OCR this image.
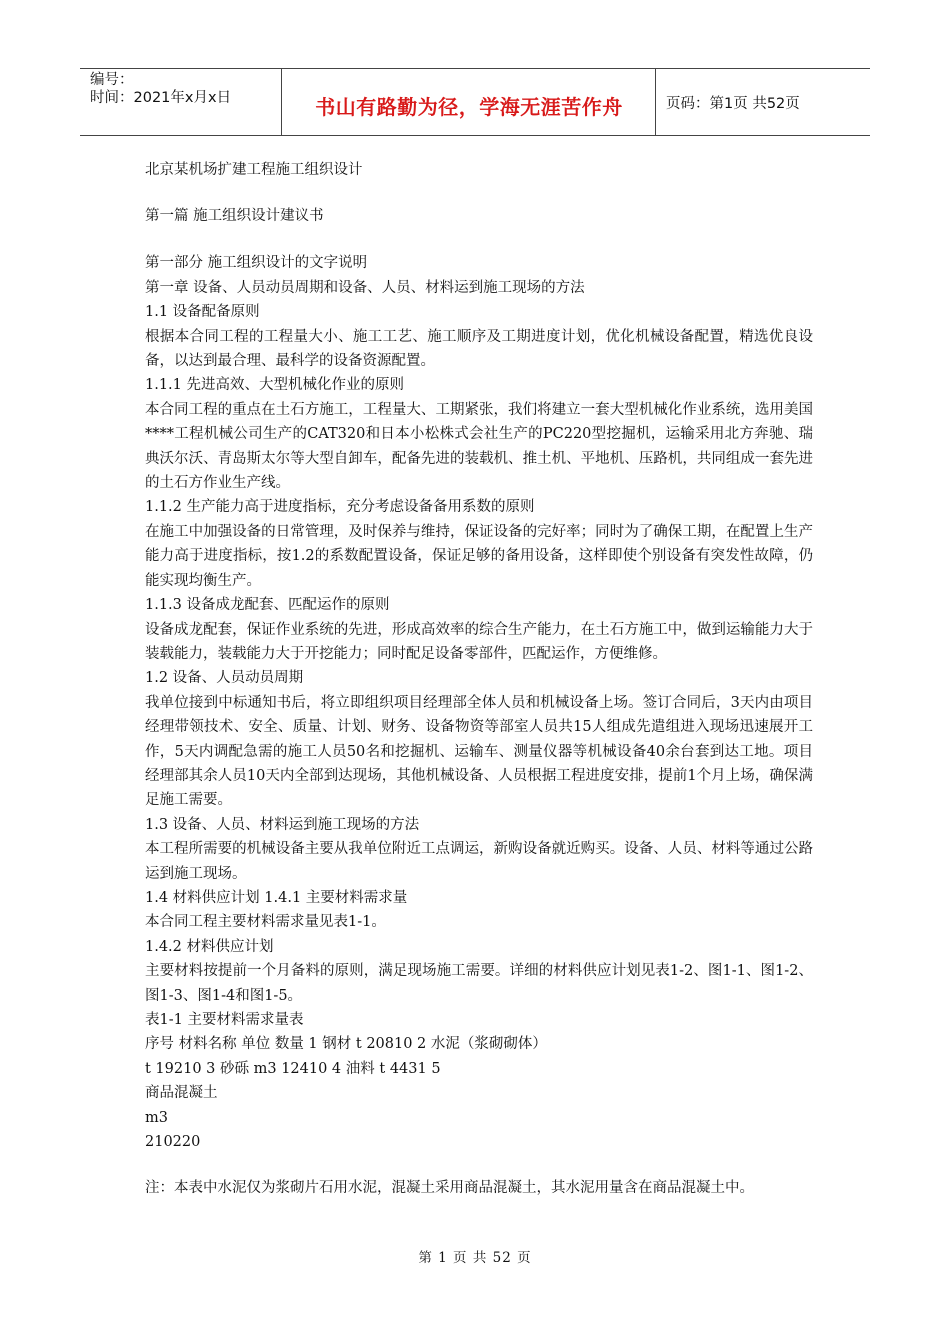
编号：
时间：2021年x月x日	书山有路勤为径，学海无涯苦作舟	页码：第1页 共52页
北京某机场扩建工程施工组织设计
第一篇 施工组织设计建议书
第一部分 施工组织设计的文字说明
第一章 设备、人员动员周期和设备、人员、材料运到施工现场的方法
1.1 设备配备原则
根据本合同工程的工程量大小、施工工艺、施工顺序及工期进度计划，优化机械设备配置，精选优良设备，以达到最合理、最科学的设备资源配置。
1.1.1 先进高效、大型机械化作业的原则
本合同工程的重点在土石方施工，工程量大、工期紧张，我们将建立一套大型机械化作业系统，选用美国****工程机械公司生产的CAT320和日本小松株式会社生产的PC220型挖掘机，运输采用北方奔驰、瑞典沃尔沃、青岛斯太尔等大型自卸车，配备先进的装载机、推土机、平地机、压路机，共同组成一套先进的土石方作业生产线。
1.1.2 生产能力高于进度指标，充分考虑设备备用系数的原则
在施工中加强设备的日常管理，及时保养与维持，保证设备的完好率；同时为了确保工期，在配置上生产能力高于进度指标，按1.2的系数配置设备，保证足够的备用设备，这样即使个别设备有突发性故障，仍能实现均衡生产。
1.1.3 设备成龙配套、匹配运作的原则
设备成龙配套，保证作业系统的先进，形成高效率的综合生产能力，在土石方施工中，做到运输能力大于装载能力，装载能力大于开挖能力；同时配足设备零部件，匹配运作，方便维修。
1.2 设备、人员动员周期
我单位接到中标通知书后，将立即组织项目经理部全体人员和机械设备上场。签订合同后，3天内由项目经理带领技术、安全、质量、计划、财务、设备物资等部室人员共15人组成先遣组进入现场迅速展开工作，5天内调配急需的施工人员50名和挖掘机、运输车、测量仪器等机械设备40余台套到达工地。项目经理部其余人员10天内全部到达现场，其他机械设备、人员根据工程进度安排，提前1个月上场，确保满足施工需要。
1.3 设备、人员、材料运到施工现场的方法
本工程所需要的机械设备主要从我单位附近工点调运，新购设备就近购买。设备、人员、材料等通过公路运到施工现场。
1.4 材料供应计划 1.4.1 主要材料需求量
本合同工程主要材料需求量见表1-1。
1.4.2 材料供应计划
主要材料按提前一个月备料的原则，满足现场施工需要。详细的材料供应计划见表1-2、图1-1、图1-2、图1-3、图1-4和图1-5。
表1-1 主要材料需求量表
序号 材料名称 单位 数量 1 钢材 t 20810 2 水泥（浆砌砌体）
t 19210 3 砂砾 m3 12410 4 油料 t 4431 5
商品混凝土
m3
210220
注：本表中水泥仅为浆砌片石用水泥，混凝土采用商品混凝土，其水泥用量含在商品混凝土中。
第 1 页 共 52 页
